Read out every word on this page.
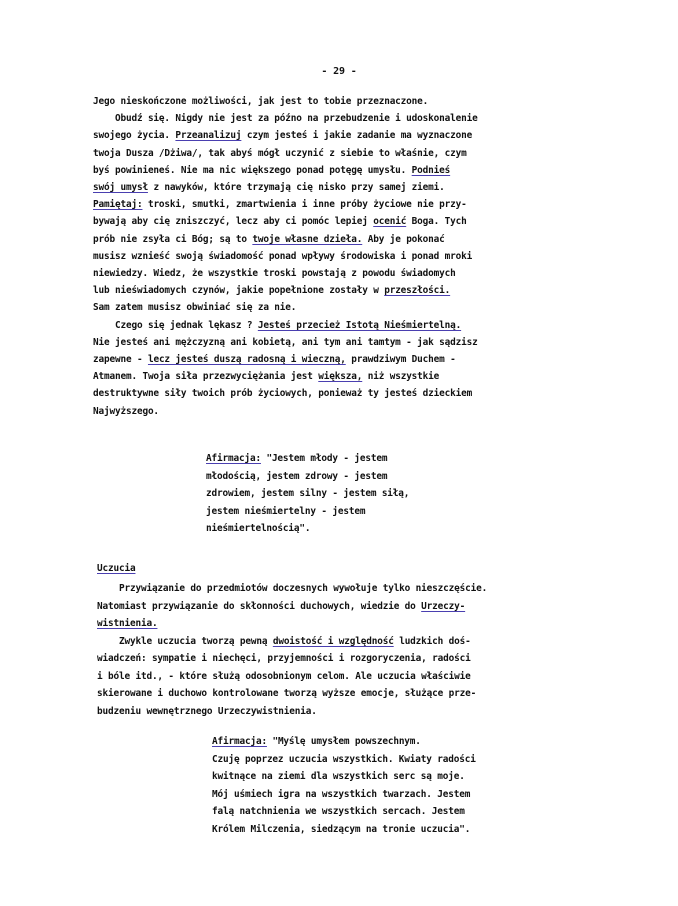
- 29 -
Jego nieskończone możliwości, jak jest to tobie przeznaczone.
Obudź się. Nigdy nie jest za późno na przebudzenie i udoskonalenie
swojego życia. Przeanalizuj czym jesteś i jakie zadanie ma wyznaczone
twoja Dusza /Dżiwa/, tak abyś mógł uczynić z siebie to właśnie, czym
byś powinieneś. Nie ma nic większego ponad potęgę umysłu. Podnieś
swój umysł z nawyków, które trzymają cię nisko przy samej ziemi.
Pamiętaj: troski, smutki, zmartwienia i inne próby życiowe nie przy-
bywają aby cię zniszczyć, lecz aby ci pomóc lepiej ocenić Boga. Tych
prób nie zsyła ci Bóg; są to twoje własne dzieła. Aby je pokonać
musisz wznieść swoją świadomość ponad wpływy środowiska i ponad mroki
niewiedzy. Wiedz, że wszystkie troski powstają z powodu świadomych
lub nieświadomych czynów, jakie popełnione zostały w przeszłości.
Sam zatem musisz obwiniać się za nie.
Czego się jednak lękasz ? Jesteś przecież Istotą Nieśmiertelną.
Nie jesteś ani mężczyzną ani kobietą, ani tym ani tamtym - jak sądzisz
zapewne - lecz jesteś duszą radosną i wieczną, prawdziwym Duchem -
Atmanem. Twoja siła przezwyciężania jest większa, niż wszystkie
destruktywne siły twoich prób życiowych, ponieważ ty jesteś dzieckiem
Najwyższego.
Afirmacja: "Jestem młody - jestem
młodością, jestem zdrowy - jestem
zdrowiem, jestem silny - jestem siłą,
jestem nieśmiertelny - jestem
nieśmiertelnością".
Uczucia
Przywiązanie do przedmiotów doczesnych wywołuje tylko nieszczęście.
Natomiast przywiązanie do skłonności duchowych, wiedzie do Urzeczy-
wistnienia.
Zwykle uczucia tworzą pewną dwoistość i względność ludzkich doś-
wiadczeń: sympatie i niechęci, przyjemności i rozgoryczenia, radości
i bóle itd., - które służą odosobnionym celom. Ale uczucia właściwie
skierowane i duchowo kontrolowane tworzą wyższe emocje, służące prze-
budzeniu wewnętrznego Urzeczywistnienia.
Afirmacja: "Myślę umysłem powszechnym.
Czuję poprzez uczucia wszystkich. Kwiaty radości
kwitnące na ziemi dla wszystkich serc są moje.
Mój uśmiech igra na wszystkich twarzach. Jestem
falą natchnienia we wszystkich sercach. Jestem
Królem Milczenia, siedzącym na tronie uczucia".
